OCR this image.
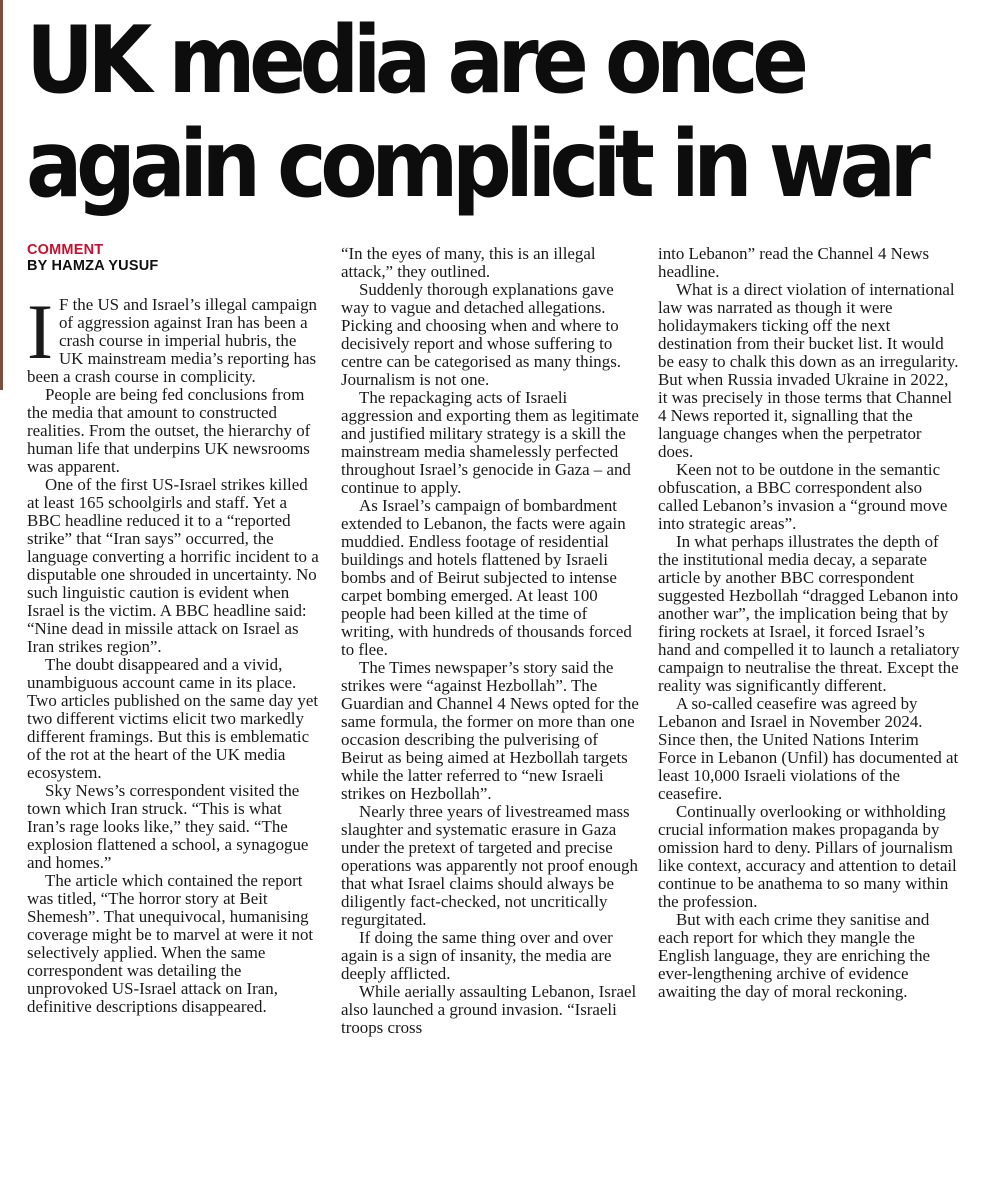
UK media are once
again complicit in war
COMMENT
BY HAMZA YUSUF

I F the US and Israel’s illegal campaign of aggression against Iran has been a crash course in imperial hubris, the UK mainstream media’s reporting has been a crash course in complicity.

People are being fed conclusions from the media that amount to constructed realities. From the outset, the hierarchy of human life that underpins UK newsrooms was apparent.

One of the first US-Israel strikes killed at least 165 schoolgirls and staff. Yet a BBC headline reduced it to a “reported strike” that “Iran says” occurred, the language converting a horrific incident to a disputable one shrouded in uncertainty. No such linguistic caution is evident when Israel is the victim. A BBC headline said: “Nine dead in missile attack on Israel as Iran strikes region”.

The doubt disappeared and a vivid, unambiguous account came in its place. Two articles published on the same day yet two different victims elicit two markedly different framings. But this is emblematic of the rot at the heart of the UK media ecosystem.

Sky News’s correspondent visited the town which Iran struck. “This is what Iran’s rage looks like,” they said. “The explosion flattened a school, a synagogue and homes.”

The article which contained the report was titled, “The horror story at Beit Shemesh”. That unequivocal, humanising coverage might be to marvel at were it not selectively applied. When the same correspondent was detailing the unprovoked US-Israel attack on Iran, definitive descriptions disappeared.

“In the eyes of many, this is an illegal attack,” they outlined.

Suddenly thorough explanations gave way to vague and detached allegations. Picking and choosing when and where to decisively report and whose suffering to centre can be categorised as many things. Journalism is not one.

The repackaging acts of Israeli aggression and exporting them as legitimate and justified military strategy is a skill the mainstream media shamelessly perfected throughout Israel’s genocide in Gaza – and continue to apply.

As Israel’s campaign of bombardment extended to Lebanon, the facts were again muddied. Endless footage of residential buildings and hotels flattened by Israeli bombs and of Beirut subjected to intense carpet bombing emerged. At least 100 people had been killed at the time of writing, with hundreds of thousands forced to flee.

The Times newspaper’s story said the strikes were “against Hezbollah”. The Guardian and Channel 4 News opted for the same formula, the former on more than one occasion describing the pulverising of Beirut as being aimed at Hezbollah targets while the latter referred to “new Israeli strikes on Hezbollah”.

Nearly three years of livestreamed mass slaughter and systematic erasure in Gaza under the pretext of targeted and precise operations was apparently not proof enough that what Israel claims should always be diligently fact-checked, not uncritically regurgitated.

If doing the same thing over and over again is a sign of insanity, the media are deeply afflicted.

While aerially assaulting Lebanon, Israel also launched a ground invasion. “Israeli troops cross

into Lebanon” read the Channel 4 News headline.

What is a direct violation of international law was narrated as though it were holidaymakers ticking off the next destination from their bucket list. It would be easy to chalk this down as an irregularity. But when Russia invaded Ukraine in 2022, it was precisely in those terms that Channel 4 News reported it, signalling that the language changes when the perpetrator does.

Keen not to be outdone in the semantic obfuscation, a BBC correspondent also called Lebanon’s invasion a “ground move into strategic areas”.

In what perhaps illustrates the depth of the institutional media decay, a separate article by another BBC correspondent suggested Hezbollah “dragged Lebanon into another war”, the implication being that by firing rockets at Israel, it forced Israel’s hand and compelled it to launch a retaliatory campaign to neutralise the threat. Except the reality was significantly different.

A so-called ceasefire was agreed by Lebanon and Israel in November 2024. Since then, the United Nations Interim Force in Lebanon (Unfil) has documented at least 10,000 Israeli violations of the ceasefire.

Continually overlooking or withholding crucial information makes propaganda by omission hard to deny. Pillars of journalism like context, accuracy and attention to detail continue to be anathema to so many within the profession.

But with each crime they sanitise and each report for which they mangle the English language, they are enriching the ever-lengthening archive of evidence awaiting the day of moral reckoning.
